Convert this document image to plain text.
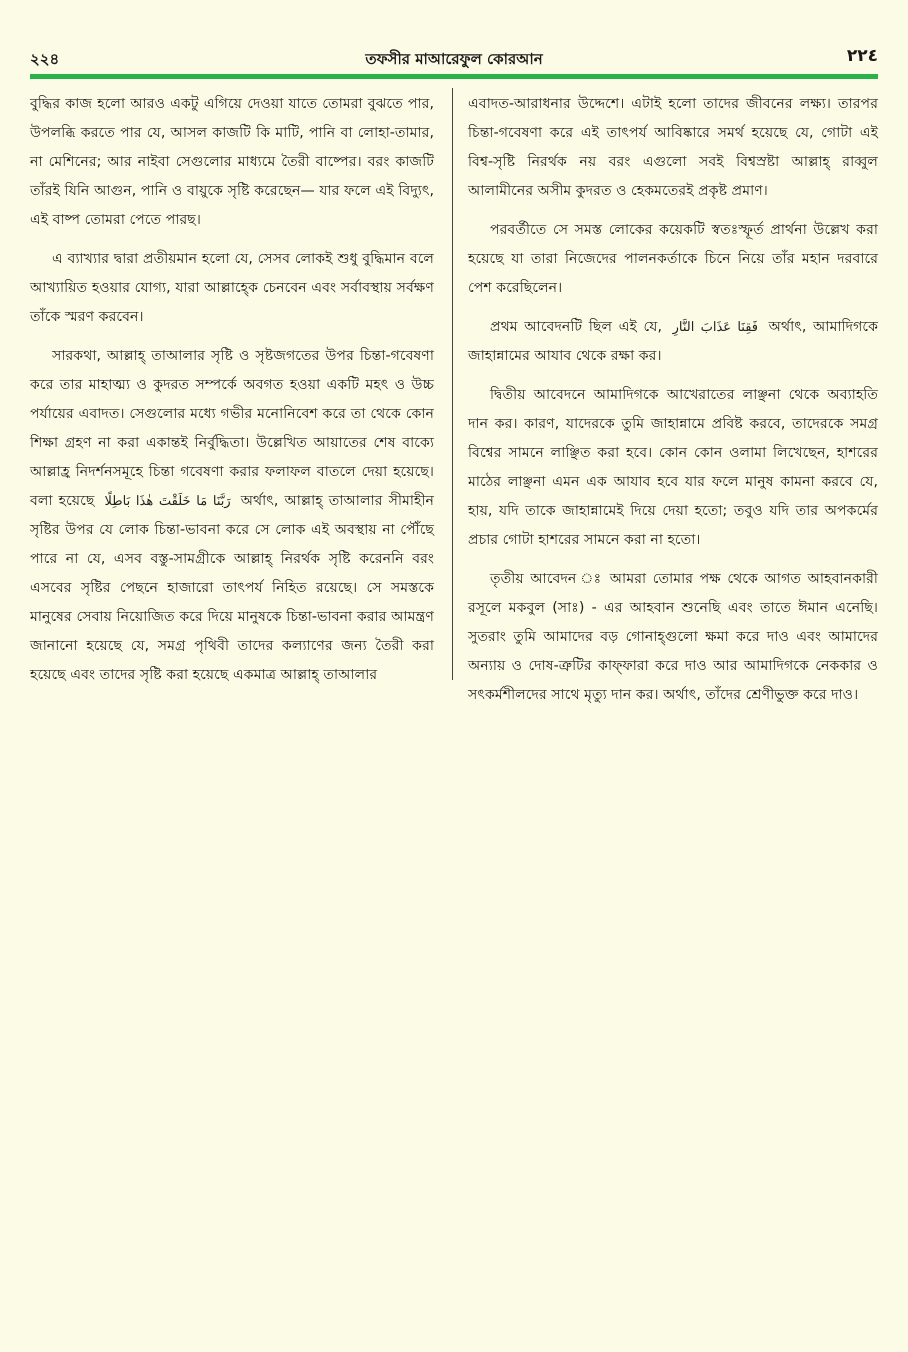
২২৪	তফসীর মাআরেফুল কোরআন	٢٢٤

বুদ্ধির কাজ হলো আরও একটু এগিয়ে দেওয়া যাতে তোমরা বুঝতে পার, উপলব্ধি করতে পার যে, আসল কাজটি কি মাটি, পানি বা লোহা-তামার, না মেশিনের; আর নাইবা সেগুলোর মাধ্যমে তৈরী বাষ্পের। বরং কাজটি তাঁরই যিনি আগুন, পানি ও বায়ুকে সৃষ্টি করেছেন— যার ফলে এই বিদ্যুৎ, এই বাষ্প তোমরা পেতে পারছ।

এ ব্যাখ্যার দ্বারা প্রতীয়মান হলো যে, সেসব লোকই শুধু বুদ্ধিমান বলে আখ্যায়িত হওয়ার যোগ্য, যারা আল্লাহ্কে চেনবেন এবং সর্বাবস্থায় সর্বক্ষণ তাঁকে স্মরণ করবেন।

সারকথা, আল্লাহ্ তাআলার সৃষ্টি ও সৃষ্টজগতের উপর চিন্তা-গবেষণা করে তার মাহাত্ম্য ও কুদরত সম্পর্কে অবগত হওয়া একটি মহৎ ও উচ্চ পর্যায়ের এবাদত। সেগুলোর মধ্যে গভীর মনোনিবেশ করে তা থেকে কোন শিক্ষা গ্রহণ না করা একান্তই নির্বুদ্ধিতা। উল্লেখিত আয়াতের শেষ বাক্যে আল্লাহ্র নিদর্শনসমূহে চিন্তা গবেষণা করার ফলাফল বাতলে দেয়া হয়েছে। বলা হয়েছে رَبَّنَا مَا خَلَقْتَ هٰذَا بَاطِلًا অর্থাৎ, আল্লাহ্ তাআলার সীমাহীন সৃষ্টির উপর যে লোক চিন্তা-ভাবনা করে সে লোক এই অবস্থায় না পৌঁছে পারে না যে, এসব বস্তু-সামগ্রীকে আল্লাহ্ নিরর্থক সৃষ্টি করেননি বরং এসবের সৃষ্টির পেছনে হাজারো তাৎপর্য নিহিত রয়েছে। সে সমস্তকে মানুষের সেবায় নিয়োজিত করে দিয়ে মানুষকে চিন্তা-ভাবনা করার আমন্ত্রণ জানানো হয়েছে যে, সমগ্র পৃথিবী তাদের কল্যাণের জন্য তৈরী করা হয়েছে এবং তাদের সৃষ্টি করা হয়েছে একমাত্র আল্লাহ্ তাআলার

এবাদত-আরাধনার উদ্দেশে। এটাই হলো তাদের জীবনের লক্ষ্য। তারপর চিন্তা-গবেষণা করে এই তাৎপর্য আবিষ্কারে সমর্থ হয়েছে যে, গোটা এই বিশ্ব-সৃষ্টি নিরর্থক নয় বরং এগুলো সবই বিশ্বস্রষ্টা আল্লাহ্ রাব্বুল আলামীনের অসীম কুদরত ও হেকমতেরই প্রকৃষ্ট প্রমাণ।

পরবর্তীতে সে সমস্ত লোকের কয়েকটি স্বতঃস্ফূর্ত প্রার্থনা উল্লেখ করা হয়েছে যা তারা নিজেদের পালনকর্তাকে চিনে নিয়ে তাঁর মহান দরবারে পেশ করেছিলেন।

প্রথম আবেদনটি ছিল এই যে, فَقِنَا عَذَابَ النَّارِ অর্থাৎ, আমাদিগকে জাহান্নামের আযাব থেকে রক্ষা কর।

দ্বিতীয় আবেদনে আমাদিগকে আখেরাতের লাঞ্ছনা থেকে অব্যাহতি দান কর। কারণ, যাদেরকে তুমি জাহান্নামে প্রবিষ্ট করবে, তাদেরকে সমগ্র বিশ্বের সামনে লাঞ্ছিত করা হবে। কোন কোন ওলামা লিখেছেন, হাশরের মাঠের লাঞ্ছনা এমন এক আযাব হবে যার ফলে মানুষ কামনা করবে যে, হায়, যদি তাকে জাহান্নামেই দিয়ে দেয়া হতো; তবুও যদি তার অপকর্মের প্রচার গোটা হাশরের সামনে করা না হতো।

তৃতীয় আবেদন ঃ আমরা তোমার পক্ষ থেকে আগত আহবানকারী রসূলে মকবুল (সাঃ) - এর আহবান শুনেছি এবং তাতে ঈমান এনেছি। সুতরাং তুমি আমাদের বড় গোনাহ্গুলো ক্ষমা করে দাও এবং আমাদের অন্যায় ও দোষ-ত্রুটির কাফ্ফারা করে দাও আর আমাদিগকে নেককার ও সৎকর্মশীলদের সাথে মৃত্যু দান কর। অর্থাৎ, তাঁদের শ্রেণীভুক্ত করে দাও।
